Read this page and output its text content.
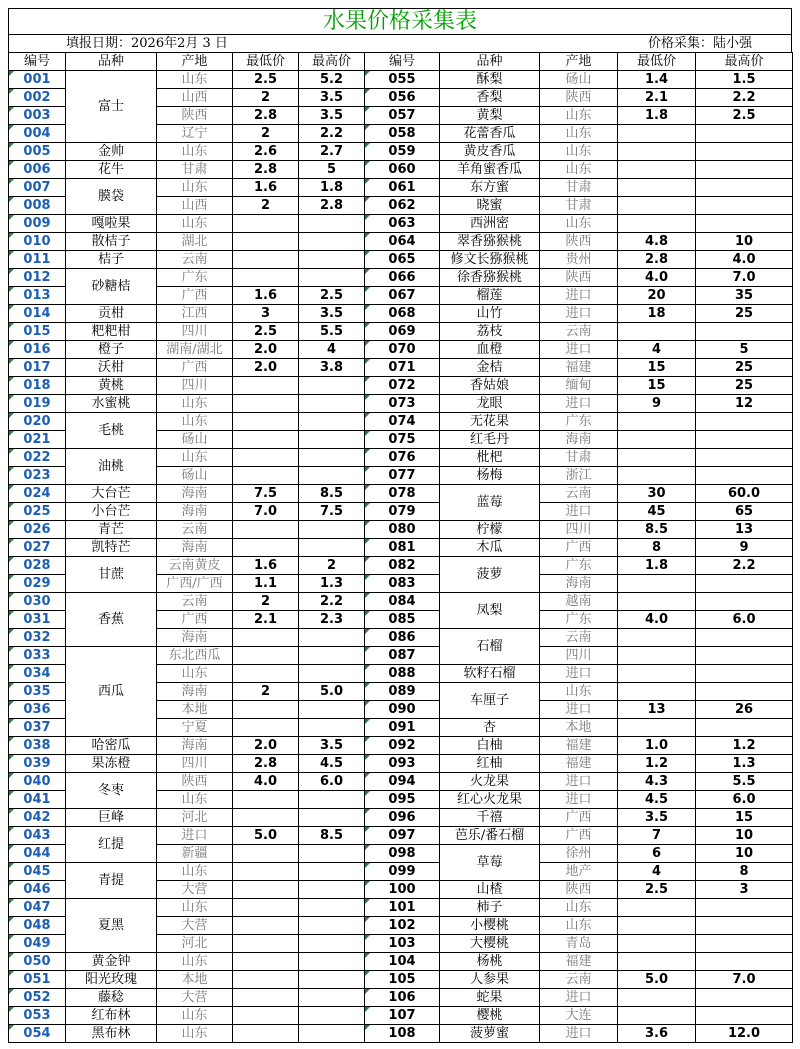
水果价格采集表
填报日期：2026年2月 3 日	价格采集：陆小强
编号	品种	产地	最低价	最高价	编号	品种	产地	最低价	最高价
001	富士	山东	2.5	5.2	055	酥梨	砀山	1.4	1.5
002		山西	2	3.5	056	香梨	陕西	2.1	2.2
003		陕西	2.8	3.5	057	黄梨	山东	1.8	2.5
004		辽宁	2	2.2	058	花蕾香瓜	山东		
005	金帅	山东	2.6	2.7	059	黄皮香瓜	山东		
006	花牛	甘肃	2.8	5	060	羊角蜜香瓜	山东		
007	膜袋	山东	1.6	1.8	061	东方蜜	甘肃		
008		山西	2	2.8	062	晓蜜	甘肃		
009	嘎啦果	山东			063	西洲密	山东		
010	散桔子	湖北			064	翠香猕猴桃	陕西	4.8	10
011	桔子	云南			065	修文长猕猴桃	贵州	2.8	4.0
012	砂糖桔	广东			066	徐香猕猴桃	陕西	4.0	7.0
013		广西	1.6	2.5	067	榴莲	进口	20	35
014	贡柑	江西	3	3.5	068	山竹	进口	18	25
015	粑粑柑	四川	2.5	5.5	069	荔枝	云南		
016	橙子	湖南/湖北	2.0	4	070	血橙	进口	4	5
017	沃柑	广西	2.0	3.8	071	金桔	福建	15	25
018	黄桃	四川			072	香姑娘	缅甸	15	25
019	水蜜桃	山东			073	龙眼	进口	9	12
020	毛桃	山东			074	无花果	广东		
021		砀山			075	红毛丹	海南		
022	油桃	山东			076	枇杷	甘肃		
023		砀山			077	杨梅	浙江		
024	大台芒	海南	7.5	8.5	078	蓝莓	云南	30	60.0
025	小台芒	海南	7.0	7.5	079		进口	45	65
026	青芒	云南			080	柠檬	四川	8.5	13
027	凯特芒	海南			081	木瓜	广西	8	9
028	甘蔗	云南黄皮	1.6	2	082	菠萝	广东	1.8	2.2
029		广西/广西	1.1	1.3	083		海南		
030	香蕉	云南	2	2.2	084	凤梨	越南		
031		广西	2.1	2.3	085		广东	4.0	6.0
032		海南			086	石榴	云南		
033	西瓜	东北西瓜			087		四川		
034		山东			088	软籽石榴	进口		
035		海南	2	5.0	089	车厘子	山东		
036		本地			090		进口	13	26
037		宁夏			091	杏	本地		
038	哈密瓜	海南	2.0	3.5	092	白柚	福建	1.0	1.2
039	果冻橙	四川	2.8	4.5	093	红柚	福建	1.2	1.3
040	冬枣	陕西	4.0	6.0	094	火龙果	进口	4.3	5.5
041		山东			095	红心火龙果	进口	4.5	6.0
042	巨峰	河北			096	千禧	广西	3.5	15
043	红提	进口	5.0	8.5	097	芭乐/番石榴	广西	7	10
044		新疆			098	草莓	徐州	6	10
045	青提	山东			099		地产	4	8
046		大营			100	山楂	陕西	2.5	3
047	夏黑	山东			101	柿子	山东		
048		大营			102	小樱桃	山东		
049		河北			103	大樱桃	青岛		
050	黄金钟	山东			104	杨桃	福建		
051	阳光玫瑰	本地			105	人参果	云南	5.0	7.0
052	藤稔	大营			106	蛇果	进口		
053	红布林	山东			107	樱桃	大连		
054	黑布林	山东			108	菠萝蜜	进口	3.6	12.0
